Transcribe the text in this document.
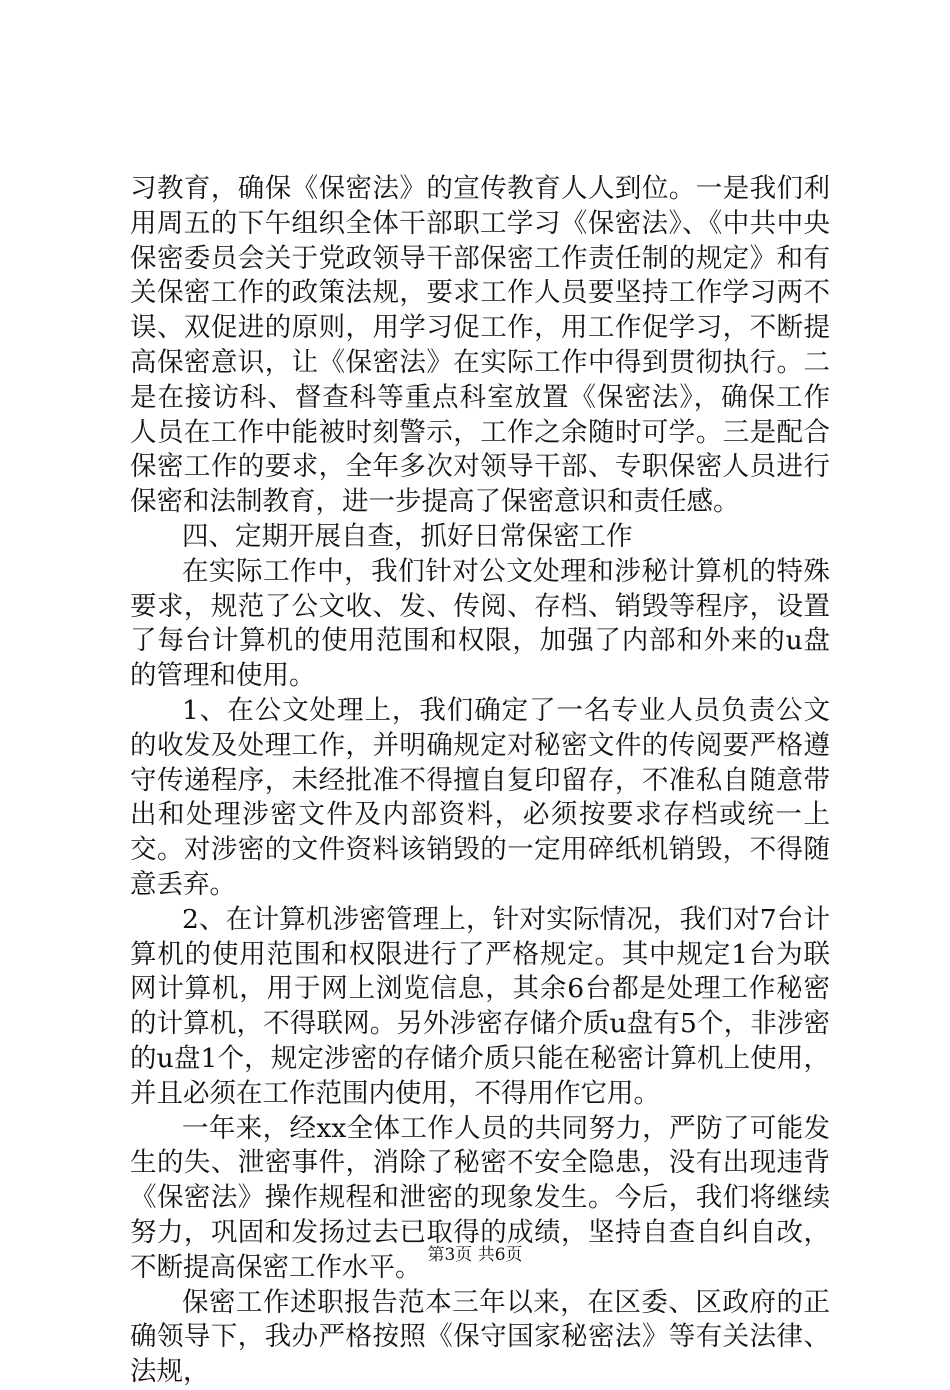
习教育，确保《保密法》的宣传教育人人到位。一是我们利用周五的下午组织全体干部职工学习《保密法》、《中共中央保密委员会关于党政领导干部保密工作责任制的规定》和有关保密工作的政策法规，要求工作人员要坚持工作学习两不误、双促进的原则，用学习促工作，用工作促学习，不断提高保密意识，让《保密法》在实际工作中得到贯彻执行。二是在接访科、督查科等重点科室放置《保密法》，确保工作人员在工作中能被时刻警示，工作之余随时可学。三是配合保密工作的要求，全年多次对领导干部、专职保密人员进行保密和法制教育，进一步提高了保密意识和责任感。

四、定期开展自查，抓好日常保密工作

在实际工作中，我们针对公文处理和涉秘计算机的特殊要求，规范了公文收、发、传阅、存档、销毁等程序，设置了每台计算机的使用范围和权限，加强了内部和外来的u盘的管理和使用。

1、在公文处理上，我们确定了一名专业人员负责公文的收发及处理工作，并明确规定对秘密文件的传阅要严格遵守传递程序，未经批准不得擅自复印留存，不准私自随意带出和处理涉密文件及内部资料，必须按要求存档或统一上交。对涉密的文件资料该销毁的一定用碎纸机销毁，不得随意丢弃。

2、在计算机涉密管理上，针对实际情况，我们对7台计算机的使用范围和权限进行了严格规定。其中规定1台为联网计算机，用于网上浏览信息，其余6台都是处理工作秘密的计算机，不得联网。另外涉密存储介质u盘有5个，非涉密的u盘1个，规定涉密的存储介质只能在秘密计算机上使用，并且必须在工作范围内使用，不得用作它用。

一年来，经xx全体工作人员的共同努力，严防了可能发生的失、泄密事件，消除了秘密不安全隐患，没有出现违背《保密法》操作规程和泄密的现象发生。今后，我们将继续努力，巩固和发扬过去已取得的成绩，坚持自查自纠自改，不断提高保密工作水平。

保密工作述职报告范本三年以来，在区委、区政府的正确领导下，我办严格按照《保守国家秘密法》等有关法律、法规，

第3页 共6页
